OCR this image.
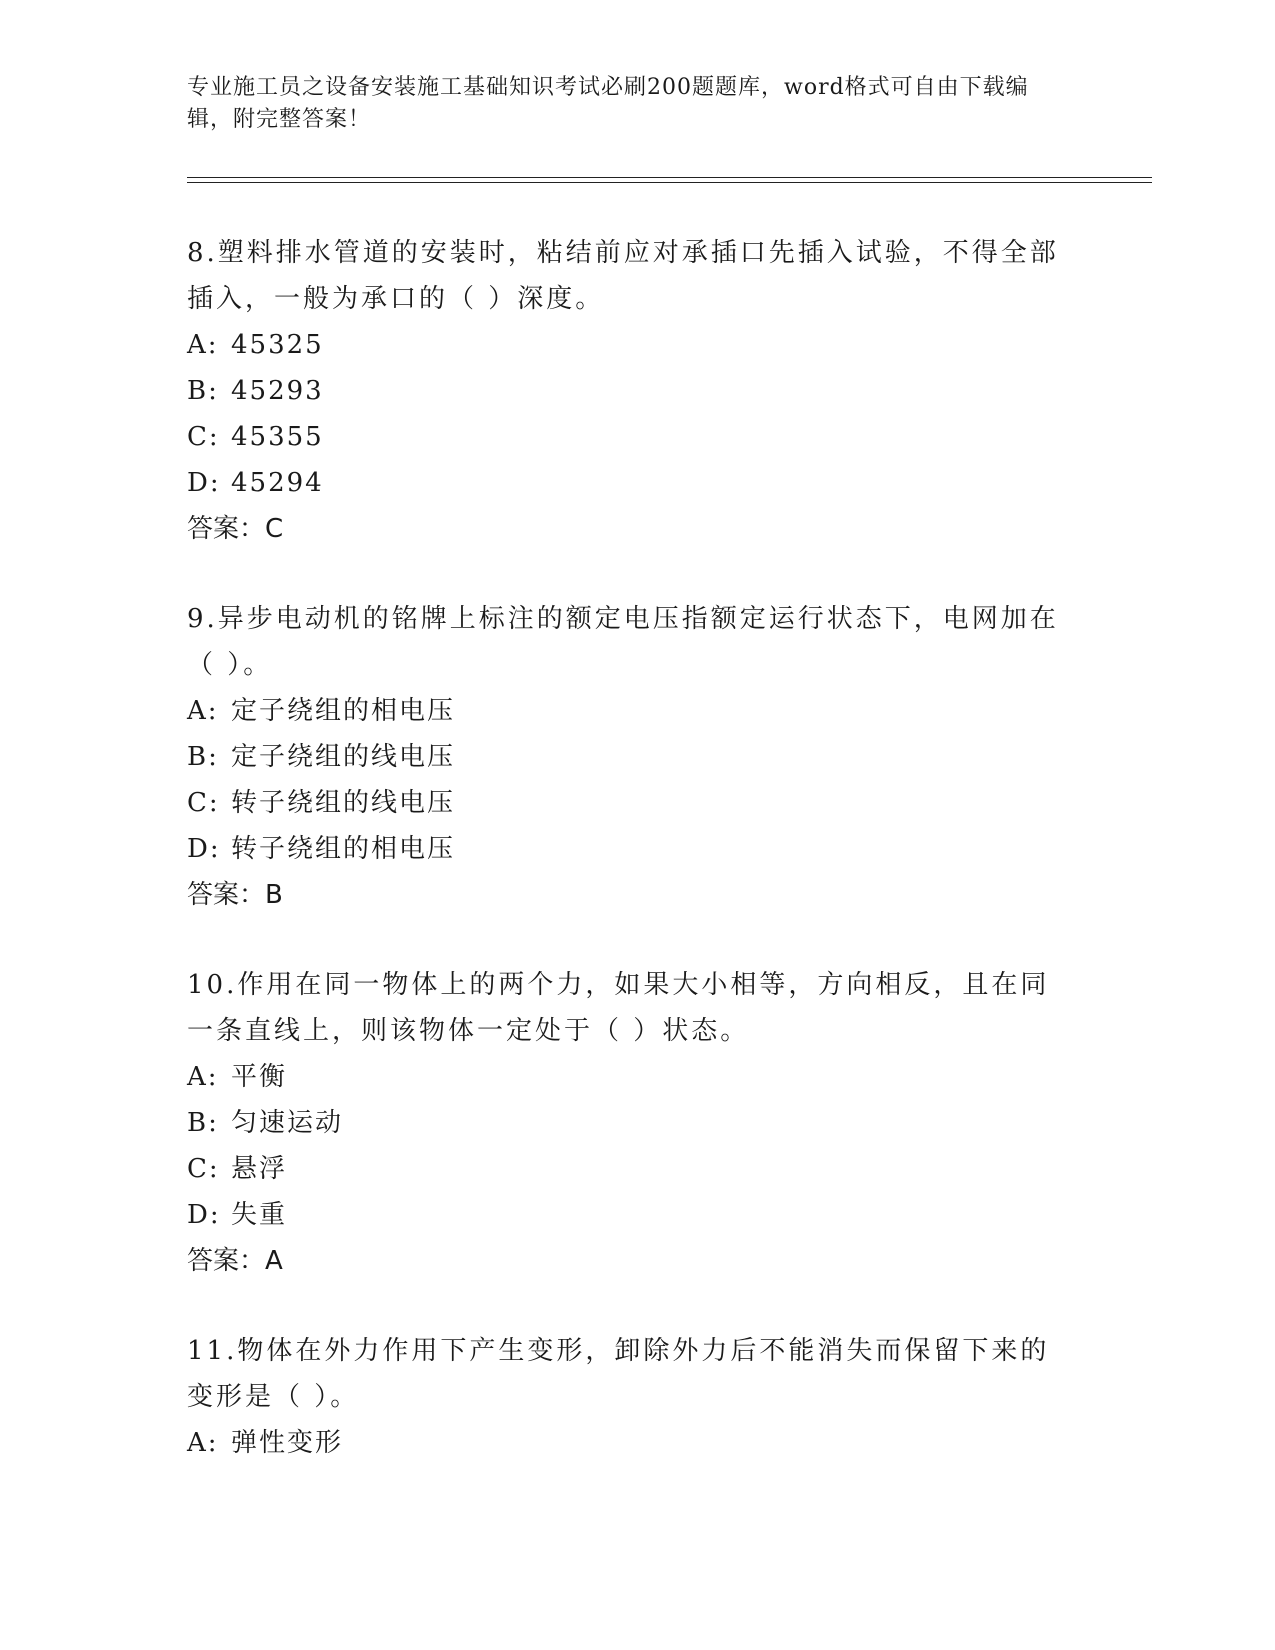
专业施工员之设备安装施工基础知识考试必刷200题题库，word格式可自由下载编辑，附完整答案！

8.塑料排水管道的安装时，粘结前应对承插口先插入试验，不得全部插入，一般为承口的（ ）深度。

A: 45325

B: 45293

C: 45355

D: 45294

答案：C

9.异步电动机的铭牌上标注的额定电压指额定运行状态下，电网加在（ ）。

A: 定子绕组的相电压

B: 定子绕组的线电压

C: 转子绕组的线电压

D: 转子绕组的相电压

答案：B

10.作用在同一物体上的两个力，如果大小相等，方向相反，且在同一条直线上，则该物体一定处于（ ）状态。

A: 平衡

B: 匀速运动

C: 悬浮

D: 失重

答案：A

11.物体在外力作用下产生变形，卸除外力后不能消失而保留下来的变形是（ ）。

A: 弹性变形
